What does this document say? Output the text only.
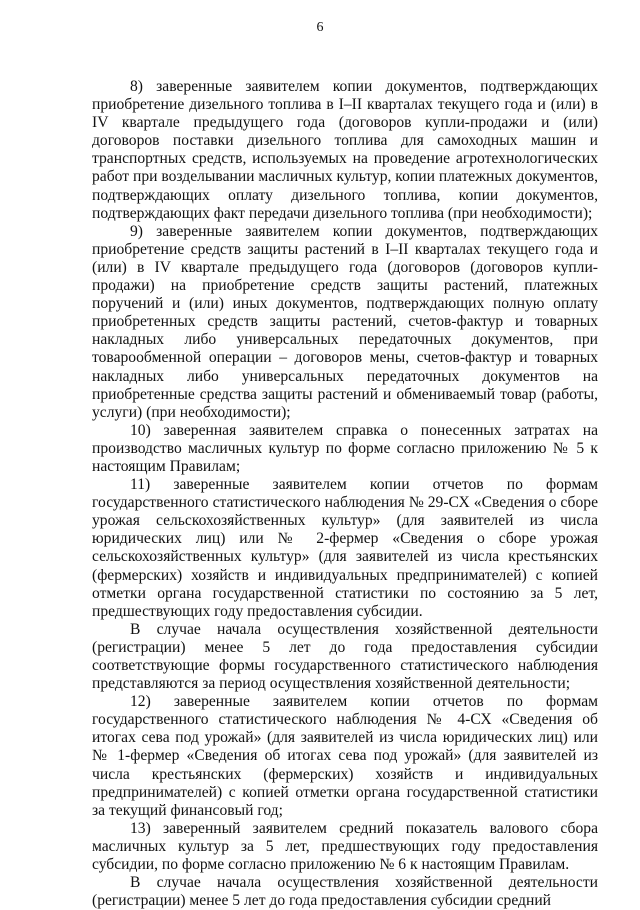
6

8) заверенные заявителем копии документов, подтверждающих приобретение дизельного топлива в I–II кварталах текущего года и (или) в IV квартале предыдущего года (договоров купли-продажи и (или) договоров поставки дизельного топлива для самоходных машин и транспортных средств, используемых на проведение агротехнологических работ при возделывании масличных культур, копии платежных документов, подтверждающих оплату дизельного топлива, копии документов, подтверждающих факт передачи дизельного топлива (при необходимости);

9) заверенные заявителем копии документов, подтверждающих приобретение средств защиты растений в I–II кварталах текущего года и (или) в IV квартале предыдущего года (договоров (договоров купли-продажи) на приобретение средств защиты растений, платежных поручений и (или) иных документов, подтверждающих полную оплату приобретенных средств защиты растений, счетов-фактур и товарных накладных либо универсальных передаточных документов, при товарообменной операции – договоров мены, счетов-фактур и товарных накладных либо универсальных передаточных документов на приобретенные средства защиты растений и обмениваемый товар (работы, услуги) (при необходимости);

10) заверенная заявителем справка о понесенных затратах на производство масличных культур по форме согласно приложению № 5 к настоящим Правилам;

11) заверенные заявителем копии отчетов по формам государственного статистического наблюдения № 29-СХ «Сведения о сборе урожая сельскохозяйственных культур» (для заявителей из числа юридических лиц) или № 2-фермер «Сведения о сборе урожая сельскохозяйственных культур» (для заявителей из числа крестьянских (фермерских) хозяйств и индивидуальных предпринимателей) с копией отметки органа государственной статистики по состоянию за 5 лет, предшествующих году предоставления субсидии.

В случае начала осуществления хозяйственной деятельности (регистрации) менее 5 лет до года предоставления субсидии соответствующие формы государственного статистического наблюдения представляются за период осуществления хозяйственной деятельности;

12) заверенные заявителем копии отчетов по формам государственного статистического наблюдения № 4-СХ «Сведения об итогах сева под урожай» (для заявителей из числа юридических лиц) или № 1-фермер «Сведения об итогах сева под урожай» (для заявителей из числа крестьянских (фермерских) хозяйств и индивидуальных предпринимателей) с копией отметки органа государственной статистики за текущий финансовый год;

13) заверенный заявителем средний показатель валового сбора масличных культур за 5 лет, предшествующих году предоставления субсидии, по форме согласно приложению № 6 к настоящим Правилам.

В случае начала осуществления хозяйственной деятельности (регистрации) менее 5 лет до года предоставления субсидии средний
